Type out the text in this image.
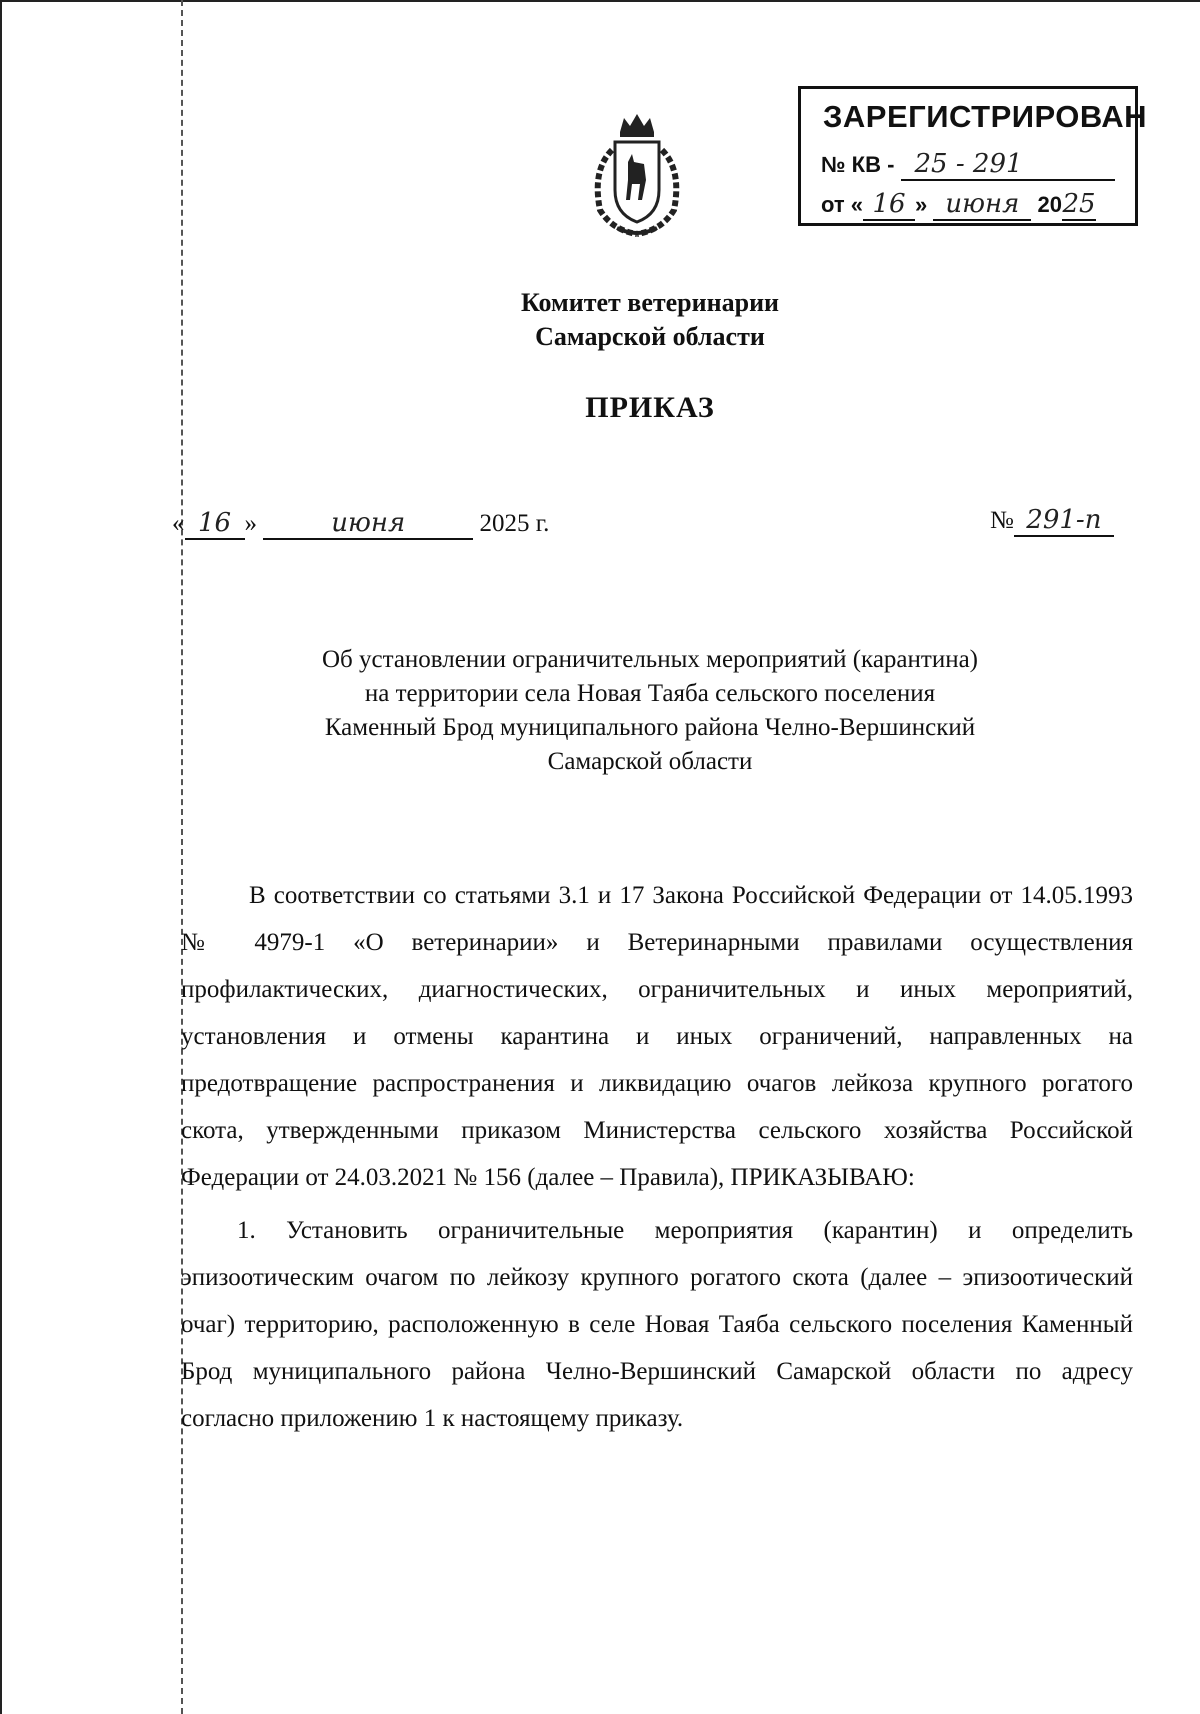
ЗАРЕГИСТРИРОВАН
№ КВ - 25 - 291
от « 16 » июня 2025
Комитет ветеринарии
Самарской области
ПРИКАЗ
« 16 »	июня	2025 г.	№ 291-п
Об установлении ограничительных мероприятий (карантина)
на территории села Новая Таяба сельского поселения
Каменный Брод муниципального района Челно-Вершинский
Самарской области

В соответствии со статьями 3.1 и 17 Закона Российской Федерации от 14.05.1993 № 4979-1 «О ветеринарии» и Ветеринарными правилами осуществления профилактических, диагностических, ограничительных и иных мероприятий, установления и отмены карантина и иных ограничений, направленных на предотвращение распространения и ликвидацию очагов лейкоза крупного рогатого скота, утвержденными приказом Министерства сельского хозяйства Российской Федерации от 24.03.2021 № 156 (далее – Правила), ПРИКАЗЫВАЮ:

1. Установить ограничительные мероприятия (карантин) и определить эпизоотическим очагом по лейкозу крупного рогатого скота (далее – эпизоотический очаг) территорию, расположенную в селе Новая Таяба сельского поселения Каменный Брод муниципального района Челно-Вершинский Самарской области по адресу согласно приложению 1 к настоящему приказу.
